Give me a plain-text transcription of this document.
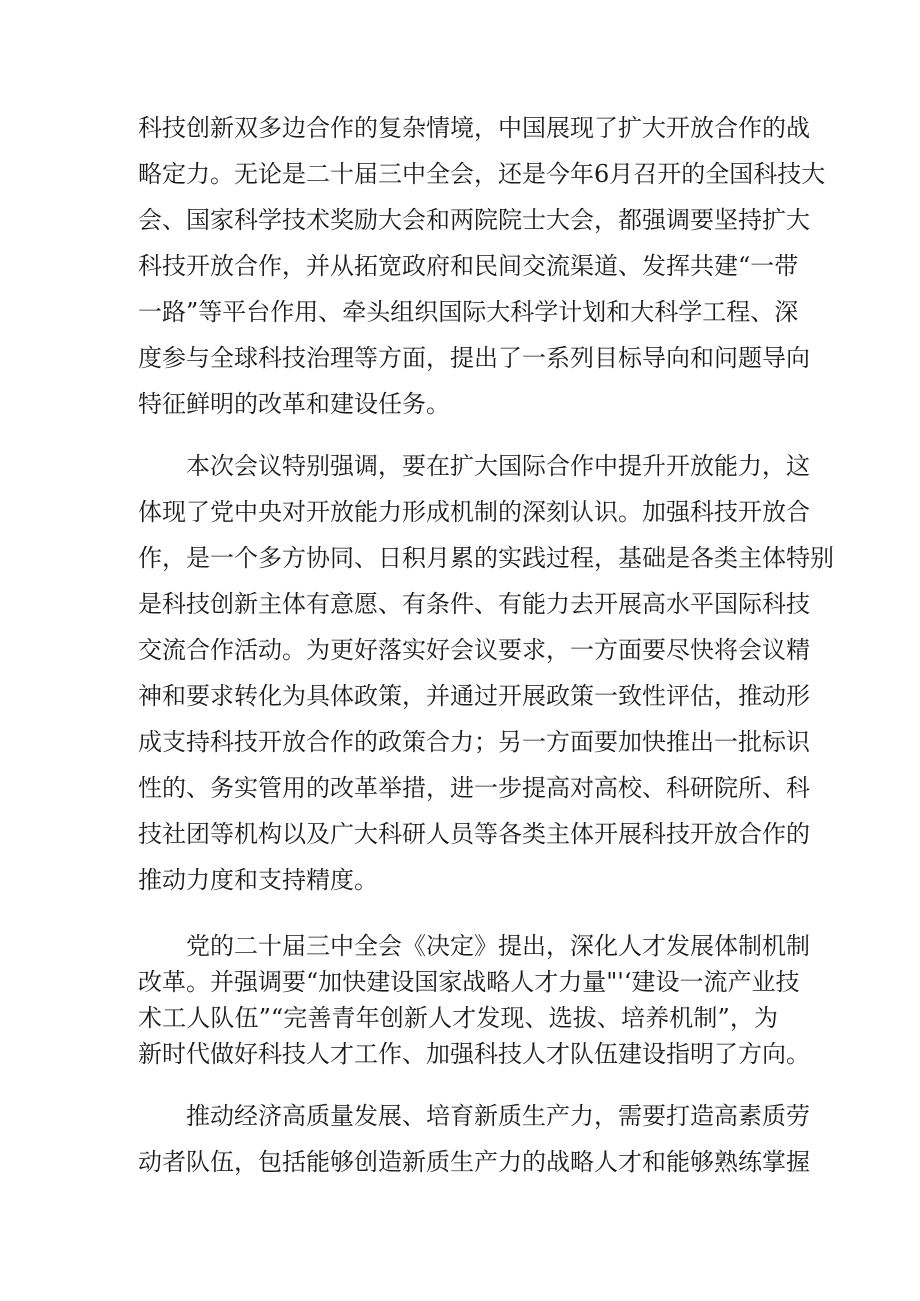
科技创新双多边合作的复杂情境，中国展现了扩大开放合作的战

略定力。无论是二十届三中全会，还是今年6月召开的全国科技大

会、国家科学技术奖励大会和两院院士大会，都强调要坚持扩大

科技开放合作，并从拓宽政府和民间交流渠道、发挥共建“一带

一路”等平台作用、牵头组织国际大科学计划和大科学工程、深

度参与全球科技治理等方面，提出了一系列目标导向和问题导向

特征鲜明的改革和建设任务。

本次会议特别强调，要在扩大国际合作中提升开放能力，这

体现了党中央对开放能力形成机制的深刻认识。加强科技开放合

作，是一个多方协同、日积月累的实践过程，基础是各类主体特别

是科技创新主体有意愿、有条件、有能力去开展高水平国际科技

交流合作活动。为更好落实好会议要求，一方面要尽快将会议精

神和要求转化为具体政策，并通过开展政策一致性评估，推动形

成支持科技开放合作的政策合力；另一方面要加快推出一批标识

性的、务实管用的改革举措，进一步提高对高校、科研院所、科

技社团等机构以及广大科研人员等各类主体开展科技开放合作的

推动力度和支持精度。

党的二十届三中全会《决定》提出，深化人才发展体制机制

改革。并强调要“加快建设国家战略人才力量"'‘建设一流产业技

术工人队伍”“完善青年创新人才发现、选拔、培养机制”，为

新时代做好科技人才工作、加强科技人才队伍建设指明了方向。

推动经济高质量发展、培育新质生产力，需要打造高素质劳

动者队伍，包括能够创造新质生产力的战略人才和能够熟练掌握
